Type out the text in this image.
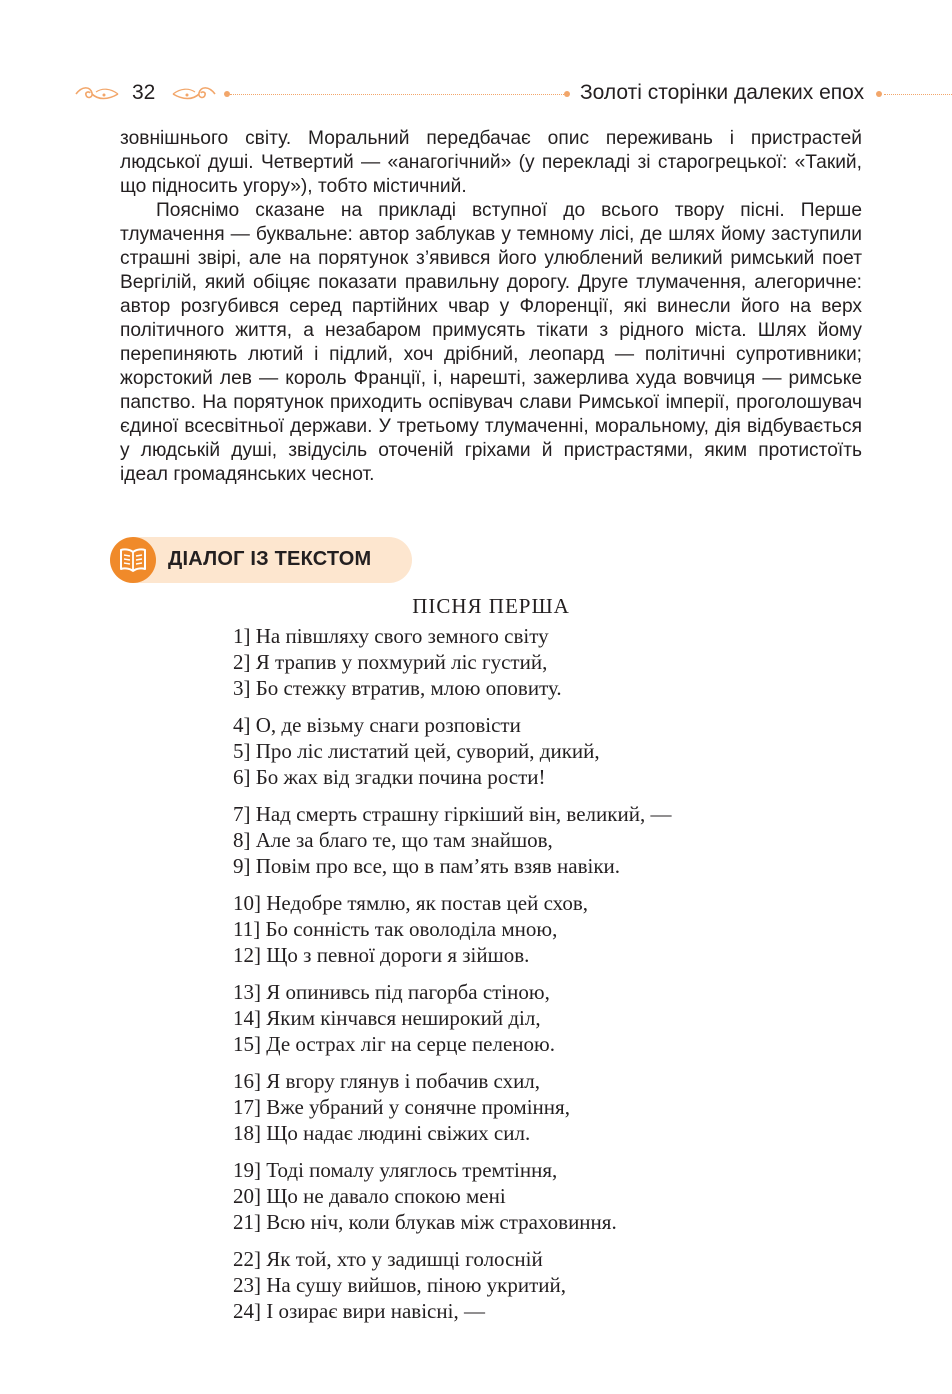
32	Золоті сторінки далеких епох

зовнішнього світу. Моральний передбачає опис переживань і пристрастей людської душі. Четвертий — «анагогічний» (у перекладі зі старогрецької: «Такий, що підносить угору»), тобто містичний.

Пояснімо сказане на прикладі вступної до всього твору пісні. Перше тлумачення — буквальне: автор заблукав у темному лісі, де шлях йому заступили страшні звірі, але на порятунок з’явився його улюблений великий римський поет Вергілій, який обіцяє показати правильну дорогу. Друге тлумачення, алегоричне: автор розгубився серед партійних чвар у Флоренції, які винесли його на верх політичного життя, а незабаром примусять тікати з рідного міста. Шлях йому перепиняють лютий і підлий, хоч дрібний, леопард — політичні супротивники; жорстокий лев — король Франції, і, нарешті, зажерлива худа вовчиця — римське папство. На порятунок приходить оспівувач слави Римської імперії, проголошувач єдиної всесвітньої держави. У третьому тлумаченні, моральному, дія відбувається у людській душі, звідусіль оточеній гріхами й пристрастями, яким протистоїть ідеал громадянських чеснот.

ДІАЛОГ ІЗ ТЕКСТОМ
ПІСНЯ ПЕРША
1] На півшляху свого земного світу
2] Я трапив у похмурий ліс густий,
3] Бо стежку втратив, млою оповиту.
4] О, де візьму снаги розповісти
5] Про ліс листатий цей, суворий, дикий,
6] Бо жах від згадки почина рости!
7] Над смерть страшну гіркіший він, великий, —
8] Але за благо те, що там знайшов,
9] Повім про все, що в пам’ять взяв навіки.
10] Недобре тямлю, як постав цей схов,
11] Бо сонність так оволоділа мною,
12] Що з певної дороги я зійшов.
13] Я опинивсь під пагорба стіною,
14] Яким кінчався неширокий діл,
15] Де острах ліг на серце пеленою.
16] Я вгору глянув і побачив схил,
17] Вже убраний у сонячне проміння,
18] Що надає людині свіжих сил.
19] Тоді помалу уляглось тремтіння,
20] Що не давало спокою мені
21] Всю ніч, коли блукав між страховиння.
22] Як той, хто у задишці голосній
23] На сушу вийшов, піною укритий,
24] І озирає вири навісні, —
